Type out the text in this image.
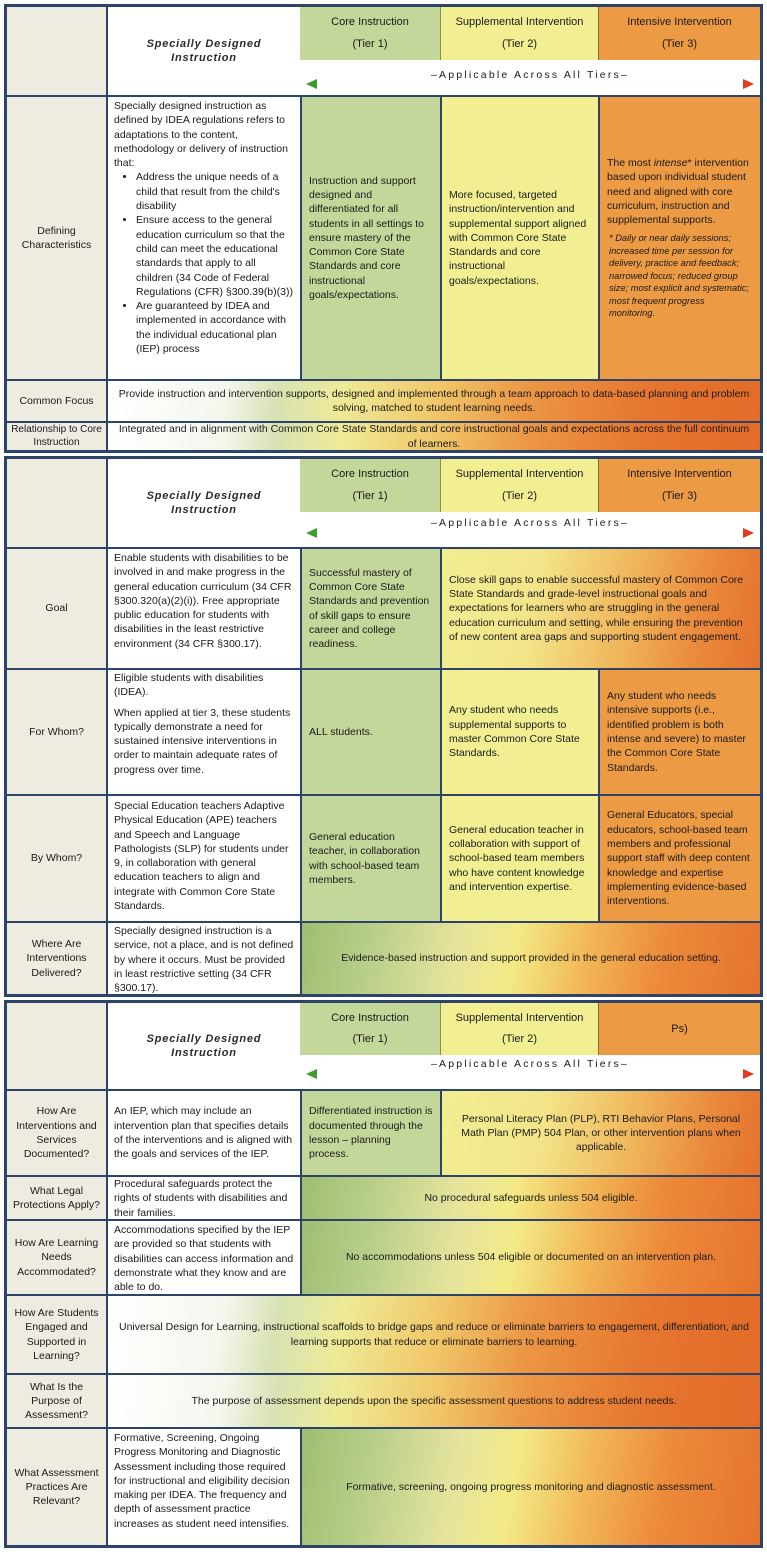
Specially Designed
Instruction
Core Instruction
(Tier 1)
Supplemental Intervention
(Tier 2)
Intensive Intervention
(Tier 3)
–Applicable Across All Tiers–
Defining Characteristics
Specially designed instruction as defined by IDEA regulations refers to adaptations to the content, methodology or delivery of instruction that:
• Address the unique needs of a child that result from the child's disability
• Ensure access to the general education curriculum so that the child can meet the educational standards that apply to all children (34 Code of Federal Regulations (CFR) §300.39(b)(3))
• Are guaranteed by IDEA and implemented in accordance with the individual educational plan (IEP) process
Instruction and support designed and differentiated for all students in all settings to ensure mastery of the Common Core State Standards and core instructional goals/expectations.
More focused, targeted instruction/intervention and supplemental support aligned with Common Core State Standards and core instructional goals/expectations.
The most intense* intervention based upon individual student need and aligned with core curriculum, instruction and supplemental supports.
* Daily or near daily sessions; increased time per session for delivery, practice and feedback; narrowed focus; reduced group size; most explicit and systematic; most frequent progress monitoring.
Common Focus
Provide instruction and intervention supports, designed and implemented through a team approach to data-based planning and problem solving, matched to student learning needs.
Relationship to Core Instruction
Integrated and in alignment with Common Core State Standards and core instructional goals and expectations across the full continuum of learners.
Specially Designed
Instruction
Core Instruction
(Tier 1)
Supplemental Intervention
(Tier 2)
Intensive Intervention
(Tier 3)
–Applicable Across All Tiers–
Goal
Enable students with disabilities to be involved in and make progress in the general education curriculum (34 CFR §300.320(a)(2)(i)). Free appropriate public education for students with disabilities in the least restrictive environment (34 CFR §300.17).
Successful mastery of Common Core State Standards and prevention of skill gaps to ensure career and college readiness.
Close skill gaps to enable successful mastery of Common Core State Standards and grade-level instructional goals and expectations for learners who are struggling in the general education curriculum and setting, while ensuring the prevention of new content area gaps and supporting student engagement.
For Whom?
Eligible students with disabilities (IDEA).
When applied at tier 3, these students typically demonstrate a need for sustained intensive interventions in order to maintain adequate rates of progress over time.
ALL students.
Any student who needs supplemental supports to master Common Core State Standards.
Any student who needs intensive supports (i.e., identified problem is both intense and severe) to master the Common Core State Standards.
By Whom?
Special Education teachers Adaptive Physical Education (APE) teachers and Speech and Language Pathologists (SLP) for students under 9, in collaboration with general education teachers to align and integrate with Common Core State Standards.
General education teacher, in collaboration with school-based team members.
General education teacher in collaboration with support of school-based team members who have content knowledge and intervention expertise.
General Educators, special educators, school-based team members and professional support staff with deep content knowledge and expertise implementing evidence-based interventions.
Where Are Interventions Delivered?
Specially designed instruction is a service, not a place, and is not defined by where it occurs. Must be provided in least restrictive setting (34 CFR §300.17).
Evidence-based instruction and support provided in the general education setting.
Specially Designed
Instruction
Core Instruction
(Tier 1)
Supplemental Intervention
(Tier 2)
Ps)
–Applicable Across All Tiers–
How Are Interventions and Services Documented?
An IEP, which may include an intervention plan that specifies details of the interventions and is aligned with the goals and services of the IEP.
Differentiated instruction is documented through the lesson – planning process.
Personal Literacy Plan (PLP), RTI Behavior Plans, Personal Math Plan (PMP) 504 Plan, or other intervention plans when applicable.
What Legal Protections Apply?
Procedural safeguards protect the rights of students with disabilities and their families.
No procedural safeguards unless 504 eligible.
How Are Learning Needs Accommodated?
Accommodations specified by the IEP are provided so that students with disabilities can access information and demonstrate what they know and are able to do.
No accommodations unless 504 eligible or documented on an intervention plan.
How Are Students Engaged and Supported in Learning?
Universal Design for Learning, instructional scaffolds to bridge gaps and reduce or eliminate barriers to engagement, differentiation, and learning supports that reduce or eliminate barriers to learning.
What Is the Purpose of Assessment?
The purpose of assessment depends upon the specific assessment questions to address student needs.
What Assessment Practices Are Relevant?
Formative, Screening, Ongoing Progress Monitoring and Diagnostic Assessment including those required for instructional and eligibility decision making per IDEA. The frequency and depth of assessment practice increases as student need intensifies.
Formative, screening, ongoing progress monitoring and diagnostic assessment.
